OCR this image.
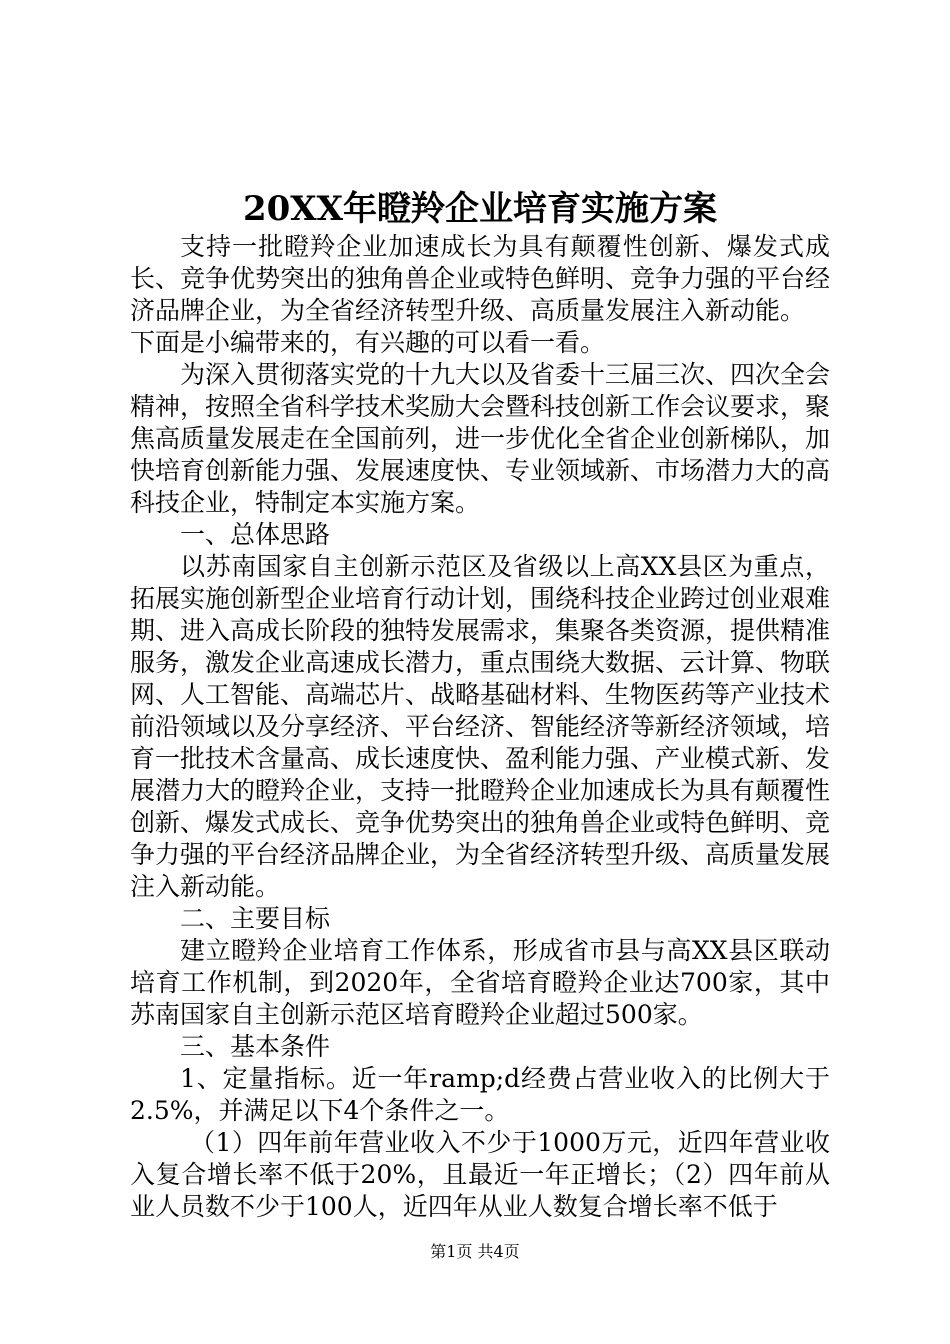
20XX年瞪羚企业培育实施方案

支持一批瞪羚企业加速成长为具有颠覆性创新、爆发式成长、竞争优势突出的独角兽企业或特色鲜明、竞争力强的平台经济品牌企业，为全省经济转型升级、高质量发展注入新动能。

下面是小编带来的，有兴趣的可以看一看。

为深入贯彻落实党的十九大以及省委十三届三次、四次全会精神，按照全省科学技术奖励大会暨科技创新工作会议要求，聚焦高质量发展走在全国前列，进一步优化全省企业创新梯队，加快培育创新能力强、发展速度快、专业领域新、市场潜力大的高科技企业，特制定本实施方案。

一、总体思路

以苏南国家自主创新示范区及省级以上高XX县区为重点，拓展实施创新型企业培育行动计划，围绕科技企业跨过创业艰难期、进入高成长阶段的独特发展需求，集聚各类资源，提供精准服务，激发企业高速成长潜力，重点围绕大数据、云计算、物联网、人工智能、高端芯片、战略基础材料、生物医药等产业技术前沿领域以及分享经济、平台经济、智能经济等新经济领域，培育一批技术含量高、成长速度快、盈利能力强、产业模式新、发展潜力大的瞪羚企业，支持一批瞪羚企业加速成长为具有颠覆性创新、爆发式成长、竞争优势突出的独角兽企业或特色鲜明、竞争力强的平台经济品牌企业，为全省经济转型升级、高质量发展注入新动能。

二、主要目标

建立瞪羚企业培育工作体系，形成省市县与高XX县区联动培育工作机制，到2020年，全省培育瞪羚企业达700家，其中苏南国家自主创新示范区培育瞪羚企业超过500家。

三、基本条件

1、定量指标。近一年ramp;d经费占营业收入的比例大于2.5%，并满足以下4个条件之一。

（1）四年前年营业收入不少于1000万元，近四年营业收入复合增长率不低于20%，且最近一年正增长；（2）四年前从业人员数不少于100人，近四年从业人数复合增长率不低于

第1页 共4页
